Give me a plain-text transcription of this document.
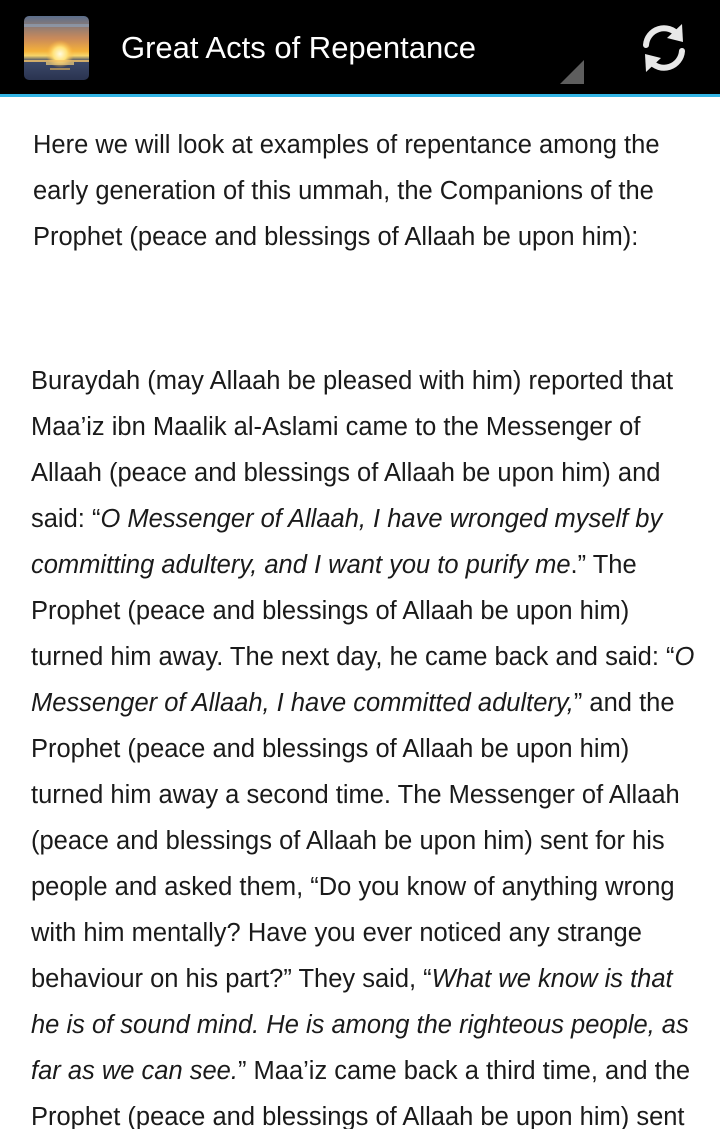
Great Acts of Repentance

Here we will look at examples of repentance among the
early generation of this ummah, the Companions of the
Prophet (peace and blessings of Allaah be upon him):

Buraydah (may Allaah be pleased with him) reported that
Maa’iz ibn Maalik al-Aslami came to the Messenger of
Allaah (peace and blessings of Allaah be upon him) and
said: “O Messenger of Allaah, I have wronged myself by
committing adultery, and I want you to purify me.” The
Prophet (peace and blessings of Allaah be upon him)
turned him away. The next day, he came back and said: “O
Messenger of Allaah, I have committed adultery,” and the
Prophet (peace and blessings of Allaah be upon him)
turned him away a second time. The Messenger of Allaah
(peace and blessings of Allaah be upon him) sent for his
people and asked them, “Do you know of anything wrong
with him mentally? Have you ever noticed any strange
behaviour on his part?” They said, “What we know is that
he is of sound mind. He is among the righteous people, as
far as we can see.” Maa’iz came back a third time, and the
Prophet (peace and blessings of Allaah be upon him) sent
